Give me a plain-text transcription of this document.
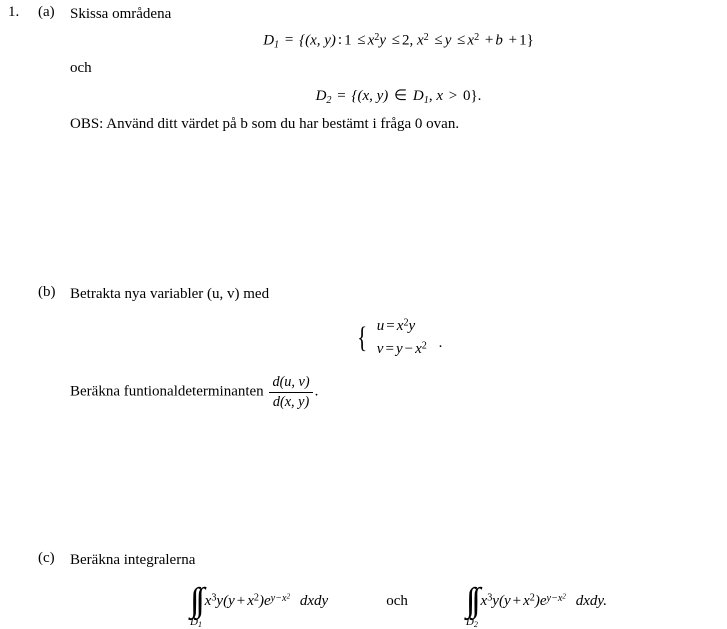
1. (a) Skissa områdena
$D_1 = \{(x$, y) : $1 \le x^2y \le 2$, $x^2 \le y \le x^2 + b + 1$}
och
$D_2 = \{(x$, y) ∈ $D_1$, x > 0}.
OBS: Använd ditt värdet på b som du har bestämt i fråga 0 ovan.
(b) Betrakta nya variabler (u, v) med
{ $u = x^2y$
$v = y - x^2$ .
Beräkna funtionaldeterminanten $\frac{d(u, v)}{d(x, y)}$ .
(c) Beräkna integralerna
∫∫
D1
$x^3y(y + x^2)e^{y-x^2}$ dxdy	och ∫∫
D2
$x^3y(y + x^2)e^{y-x^2}$ dxdy.
